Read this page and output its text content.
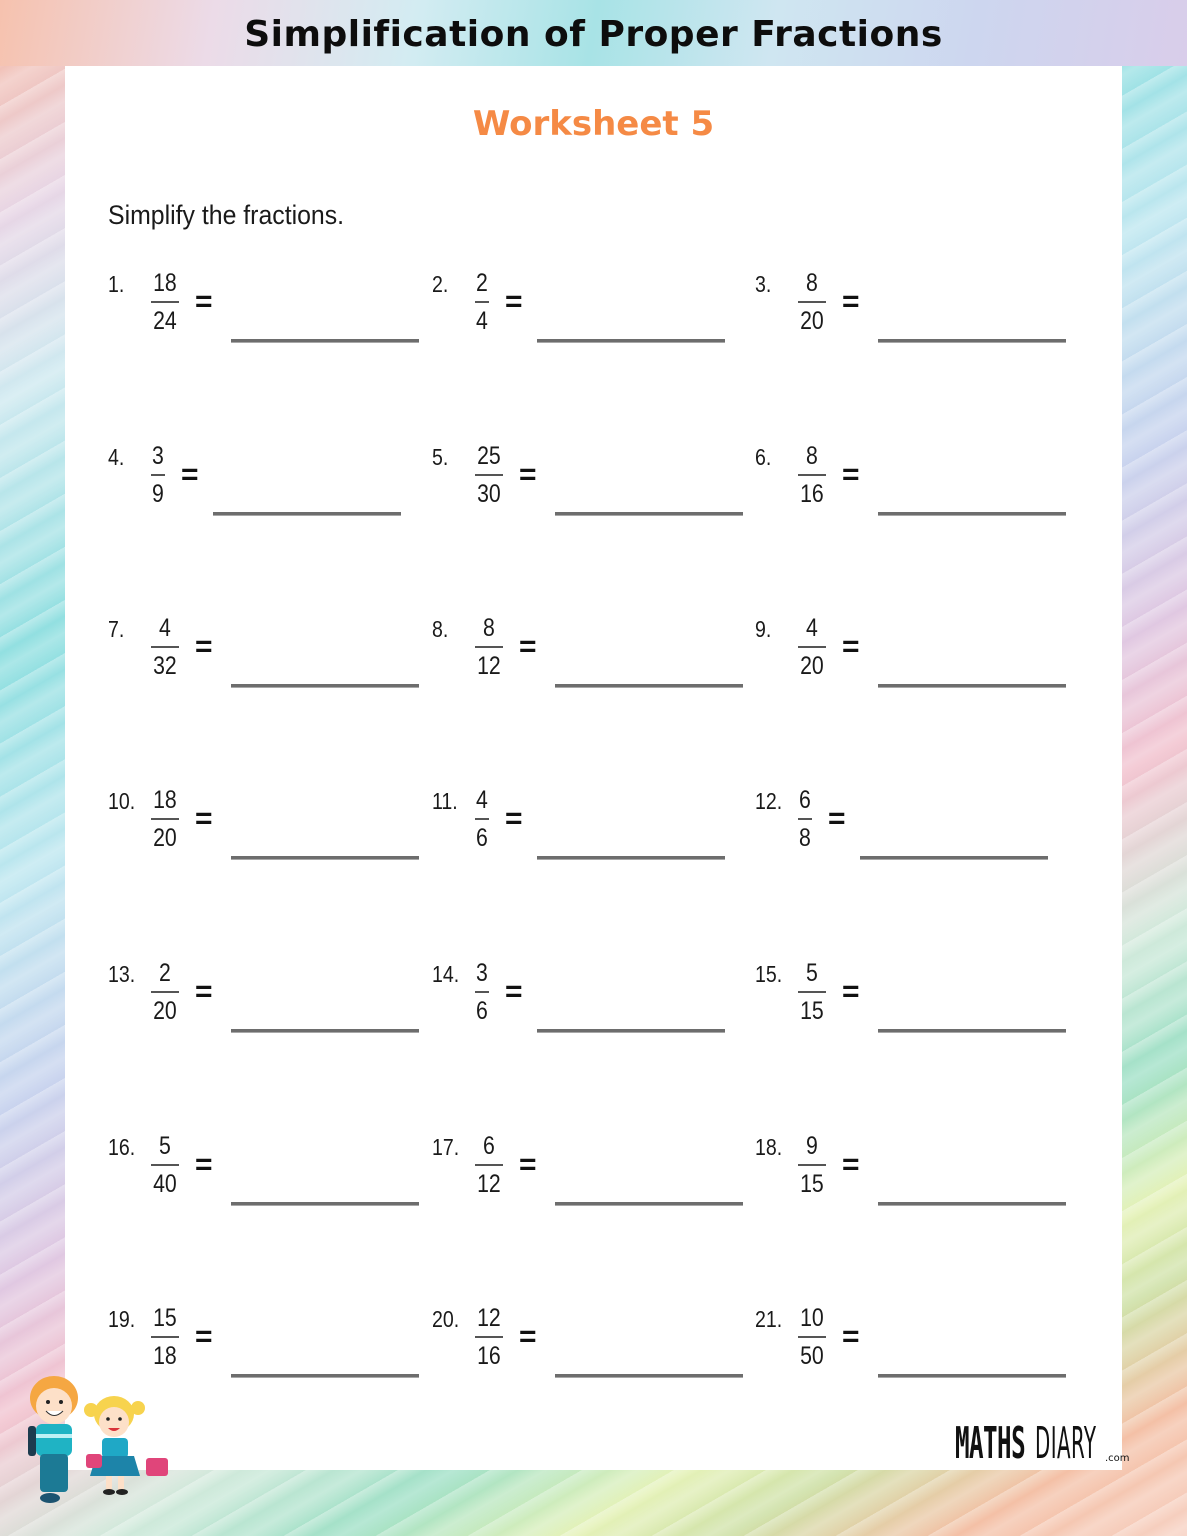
Simplification of Proper Fractions
Worksheet 5
Simplify the fractions.
1. 18
24
=
2. 2
4
=
3. 8
20
=
4. 3
9
=
5. 25
30
=
6. 8
16
=
7. 4
32
=
8. 8
12
=
9. 4
20
=
10. 18
20
=
11. 4
6
=
12. 6
8
=
13. 2
20
=
14. 3
6
=
15. 5
15
=
16. 5
40
=
17. 6
12
=
18. 9
15
=
19. 15
18
=
20. 12
16
=
21. 10
50
=
MATHS DIARY .com
